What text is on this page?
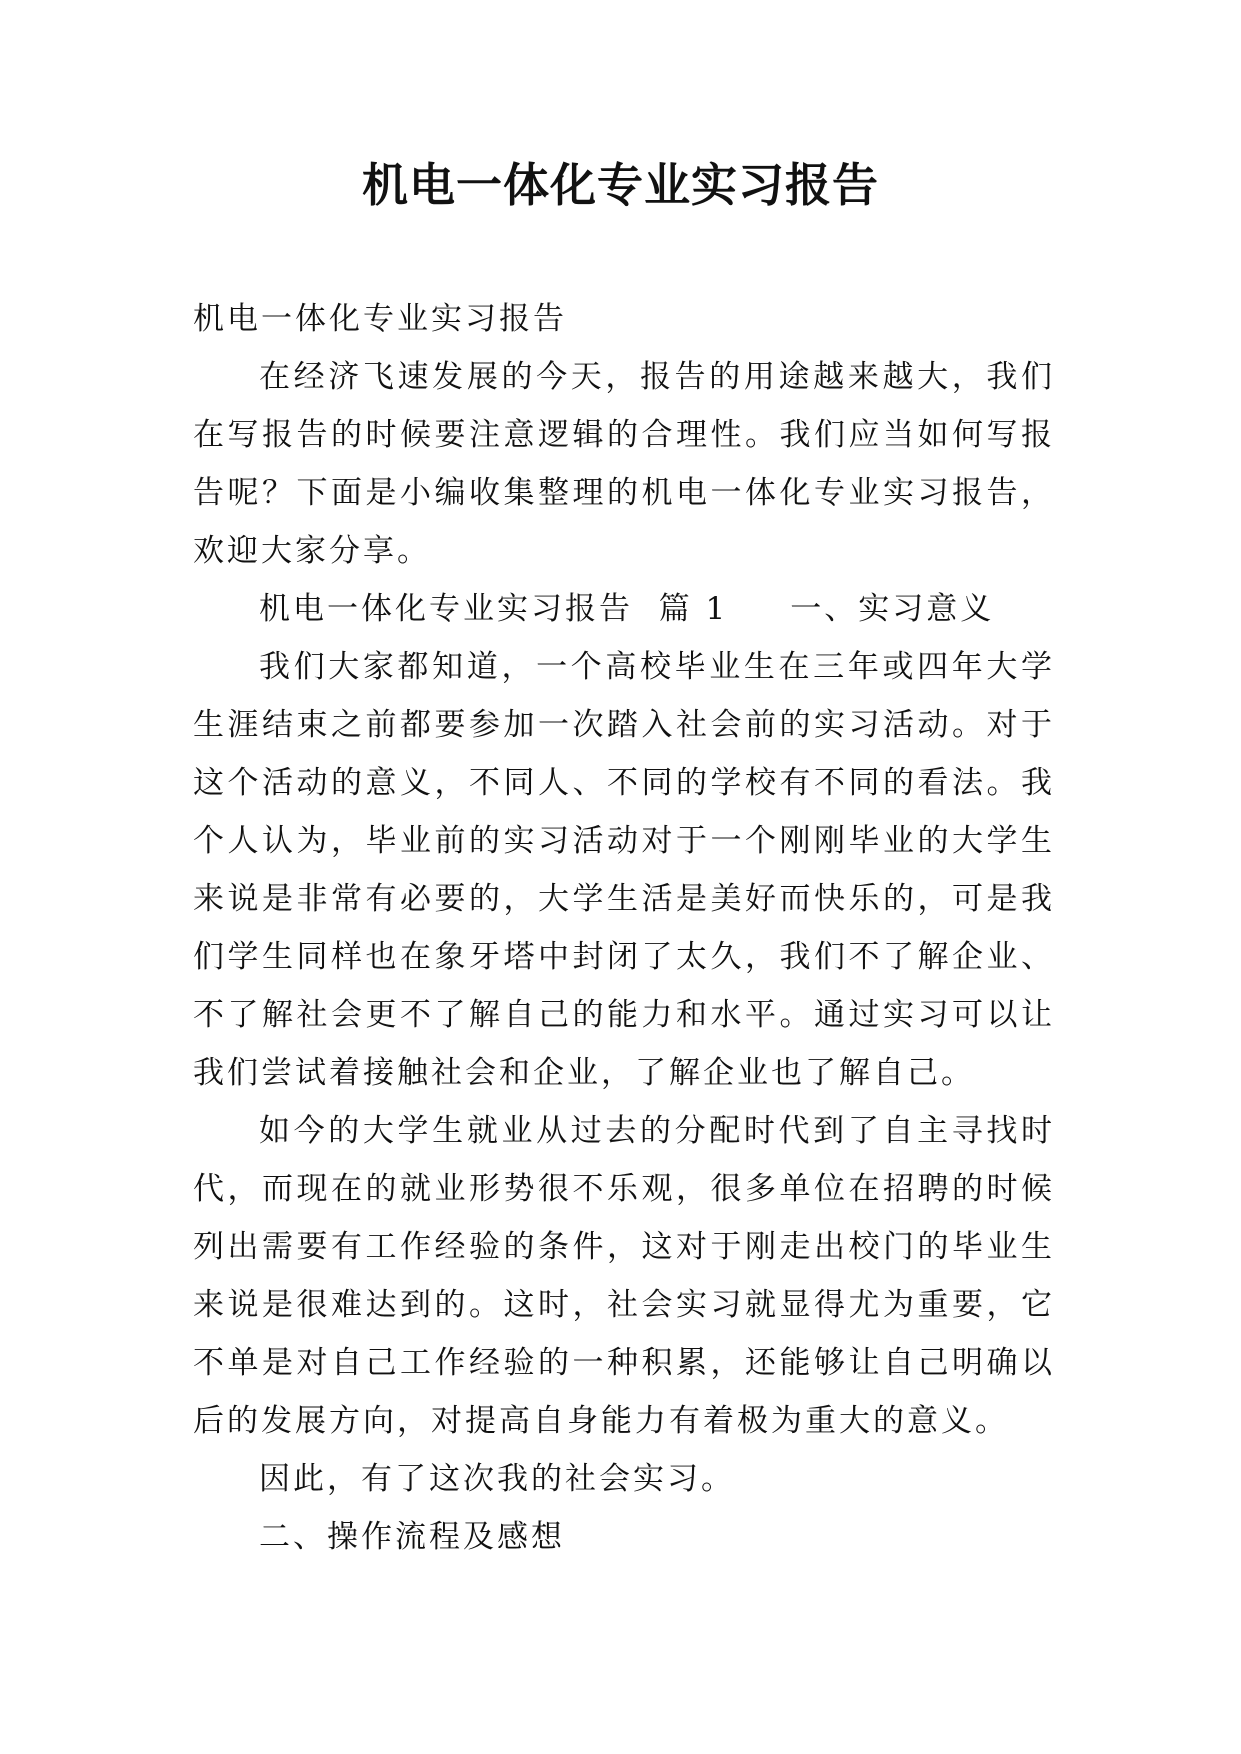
机电一体化专业实习报告

机电一体化专业实习报告

在经济飞速发展的今天，报告的用途越来越大，我们在写报告的时候要注意逻辑的合理性。我们应当如何写报告呢？下面是小编收集整理的机电一体化专业实习报告，欢迎大家分享。

机电一体化专业实习报告  篇 1 一、实习意义

我们大家都知道，一个高校毕业生在三年或四年大学生涯结束之前都要参加一次踏入社会前的实习活动。对于这个活动的意义，不同人、不同的学校有不同的看法。我个人认为，毕业前的实习活动对于一个刚刚毕业的大学生来说是非常有必要的，大学生活是美好而快乐的，可是我们学生同样也在象牙塔中封闭了太久，我们不了解企业、不了解社会更不了解自己的能力和水平。通过实习可以让我们尝试着接触社会和企业，了解企业也了解自己。

如今的大学生就业从过去的分配时代到了自主寻找时代，而现在的就业形势很不乐观，很多单位在招聘的时候列出需要有工作经验的条件，这对于刚走出校门的毕业生来说是很难达到的。这时，社会实习就显得尤为重要，它不单是对自己工作经验的一种积累，还能够让自己明确以后的发展方向，对提高自身能力有着极为重大的意义。

因此，有了这次我的社会实习。

二、操作流程及感想
